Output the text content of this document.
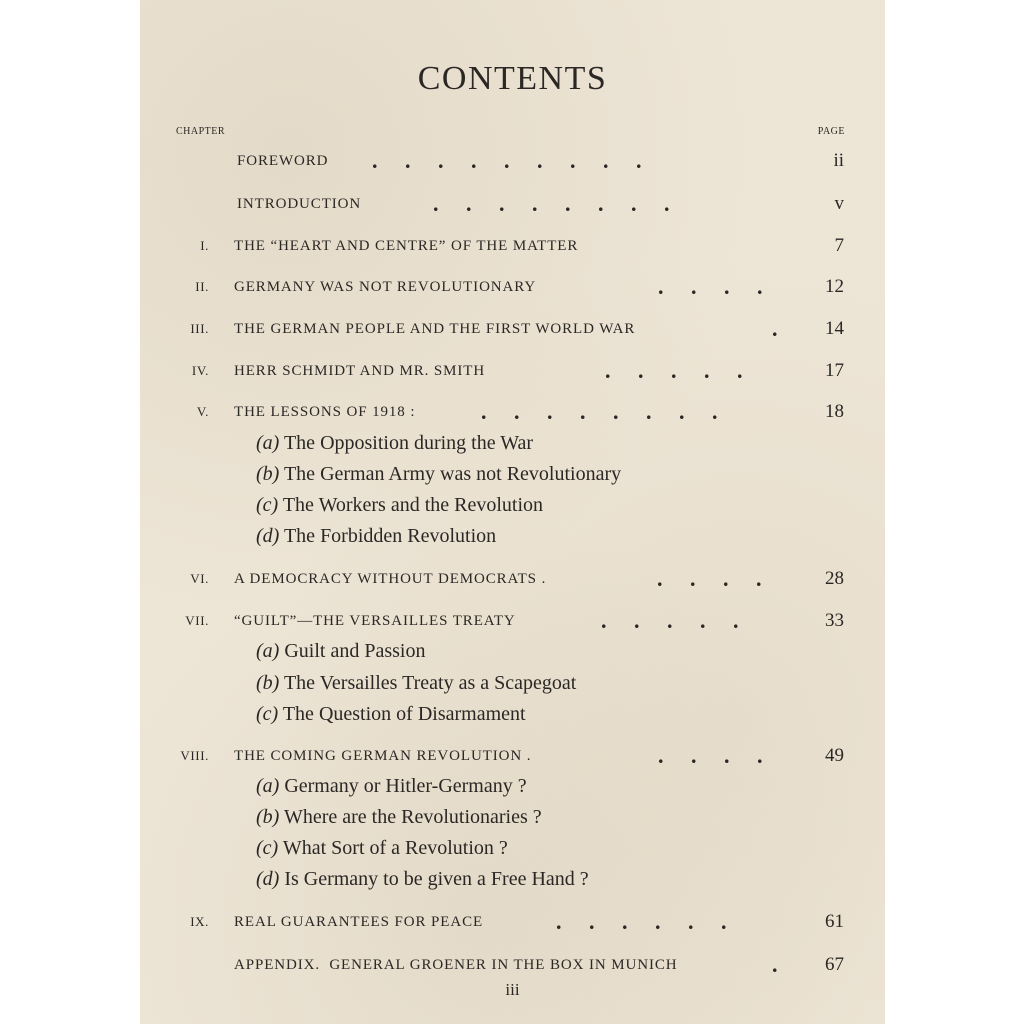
CONTENTS
CHAPTER	PAGE
FOREWORD .     .     .     .     .     .     .     .     .	ii
INTRODUCTION	.     .     .     .     .     .     .     .	v
I. THE “HEART AND CENTRE” OF THE MATTER	7
II. GERMANY WAS NOT REVOLUTIONARY	.     .     .     .	12
III. THE GERMAN PEOPLE AND THE FIRST WORLD WAR	.	14
IV. HERR SCHMIDT AND MR. SMITH	.     .     .     .     .	17
V. THE LESSONS OF 1918 :	.     .     .     .     .     .     .     .	18
(a) The Opposition during the War
(b) The German Army was not Revolutionary
(c) The Workers and the Revolution
(d) The Forbidden Revolution
VI. A DEMOCRACY WITHOUT DEMOCRATS .	.     .     .     .	28
VII. “GUILT”—THE VERSAILLES TREATY	.     .     .     .     .	33
(a) Guilt and Passion
(b) The Versailles Treaty as a Scapegoat
(c) The Question of Disarmament
VIII. THE COMING GERMAN REVOLUTION .	.     .     .     .	49
(a) Germany or Hitler-Germany ?
(b) Where are the Revolutionaries ?
(c) What Sort of a Revolution ?
(d) Is Germany to be given a Free Hand ?
IX. REAL GUARANTEES FOR PEACE	.     .     .     .     .     .	61
APPENDIX.  GENERAL GROENER IN THE BOX IN MUNICH	.	67
iii
